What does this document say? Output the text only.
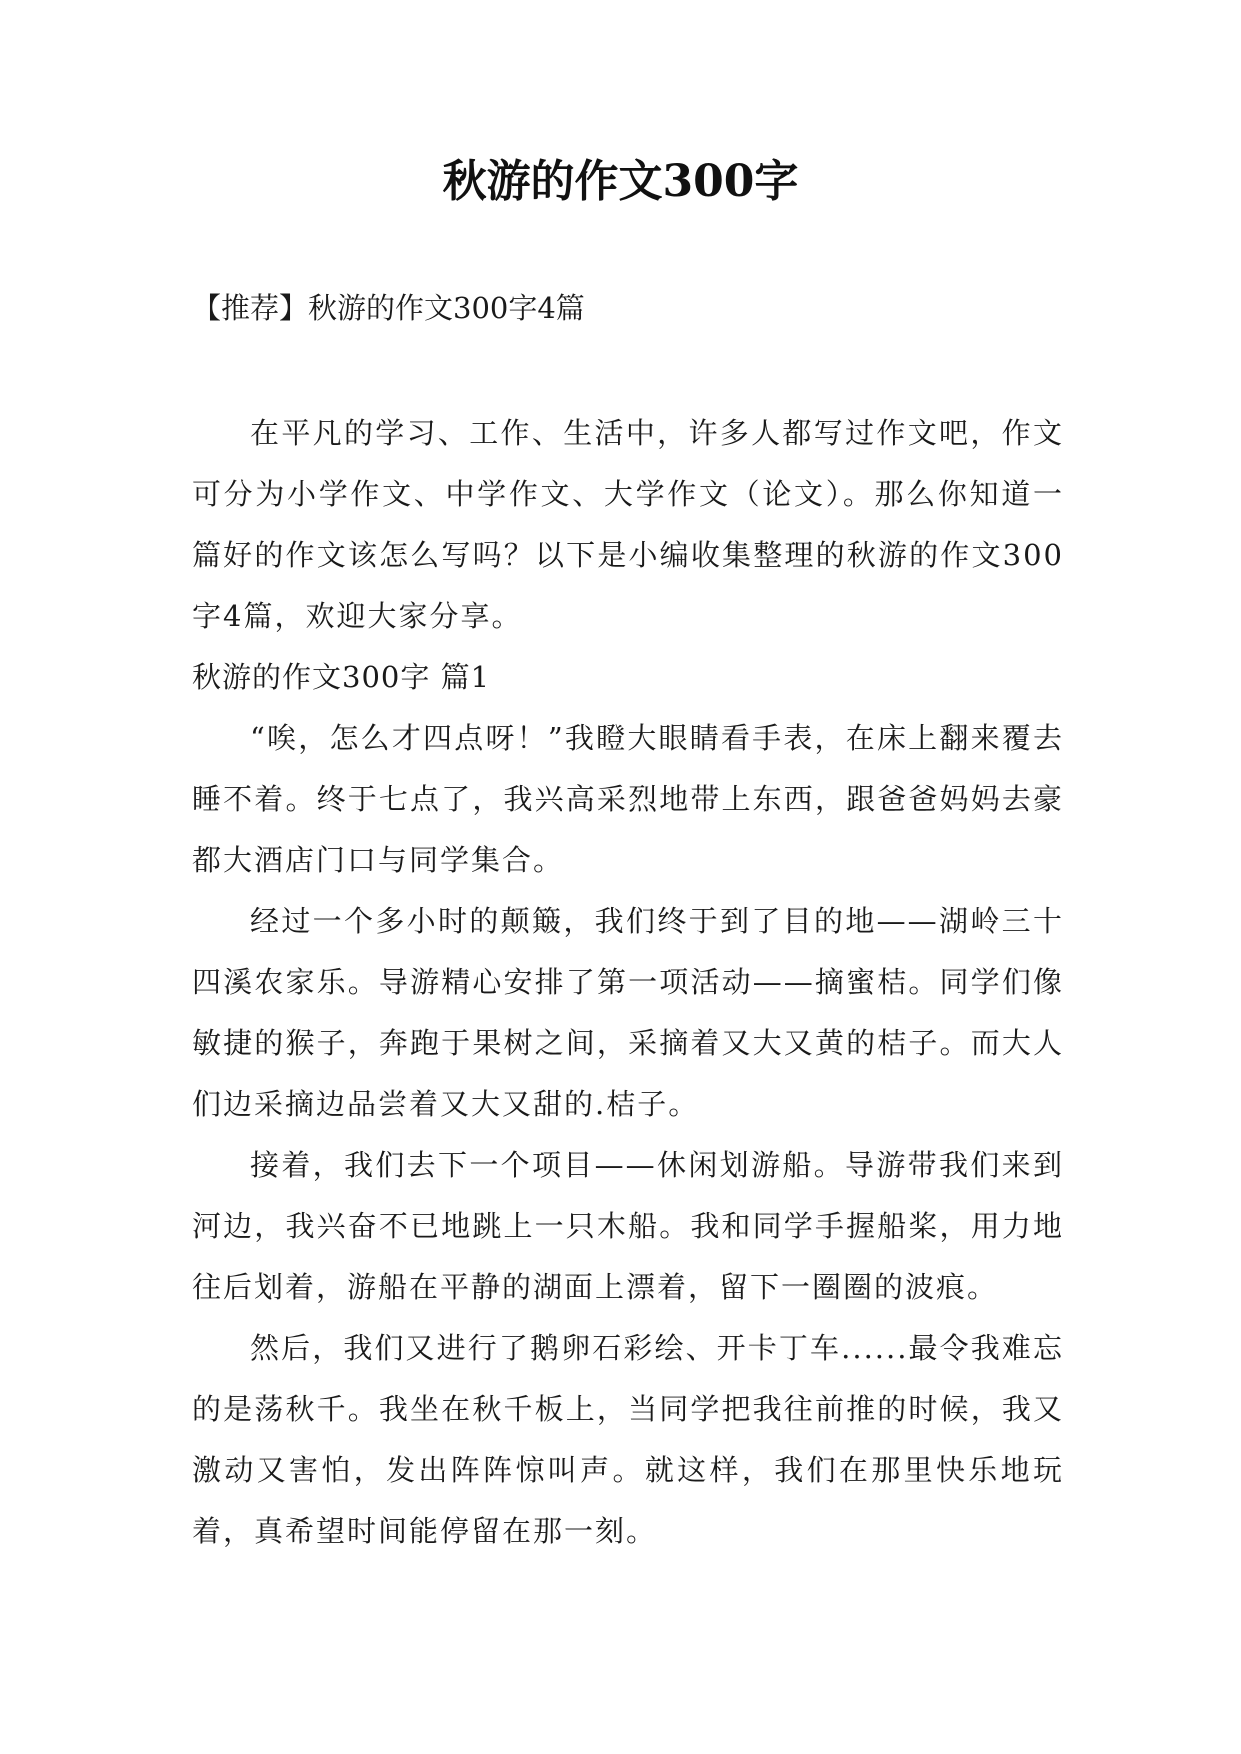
秋游的作文300字

【推荐】秋游的作文300字4篇

在平凡的学习、工作、生活中，许多人都写过作文吧，作文可分为小学作文、中学作文、大学作文（论文）。那么你知道一篇好的作文该怎么写吗？以下是小编收集整理的秋游的作文300字4篇，欢迎大家分享。

秋游的作文300字 篇1

“唉，怎么才四点呀！”我瞪大眼睛看手表，在床上翻来覆去睡不着。终于七点了，我兴高采烈地带上东西，跟爸爸妈妈去豪都大酒店门口与同学集合。

经过一个多小时的颠簸，我们终于到了目的地——湖岭三十四溪农家乐。导游精心安排了第一项活动——摘蜜桔。同学们像敏捷的猴子，奔跑于果树之间，采摘着又大又黄的桔子。而大人们边采摘边品尝着又大又甜的.桔子。

接着，我们去下一个项目——休闲划游船。导游带我们来到河边，我兴奋不已地跳上一只木船。我和同学手握船桨，用力地往后划着，游船在平静的湖面上漂着，留下一圈圈的波痕。

然后，我们又进行了鹅卵石彩绘、开卡丁车......最令我难忘的是荡秋千。我坐在秋千板上，当同学把我往前推的时候，我又激动又害怕，发出阵阵惊叫声。就这样，我们在那里快乐地玩着，真希望时间能停留在那一刻。
